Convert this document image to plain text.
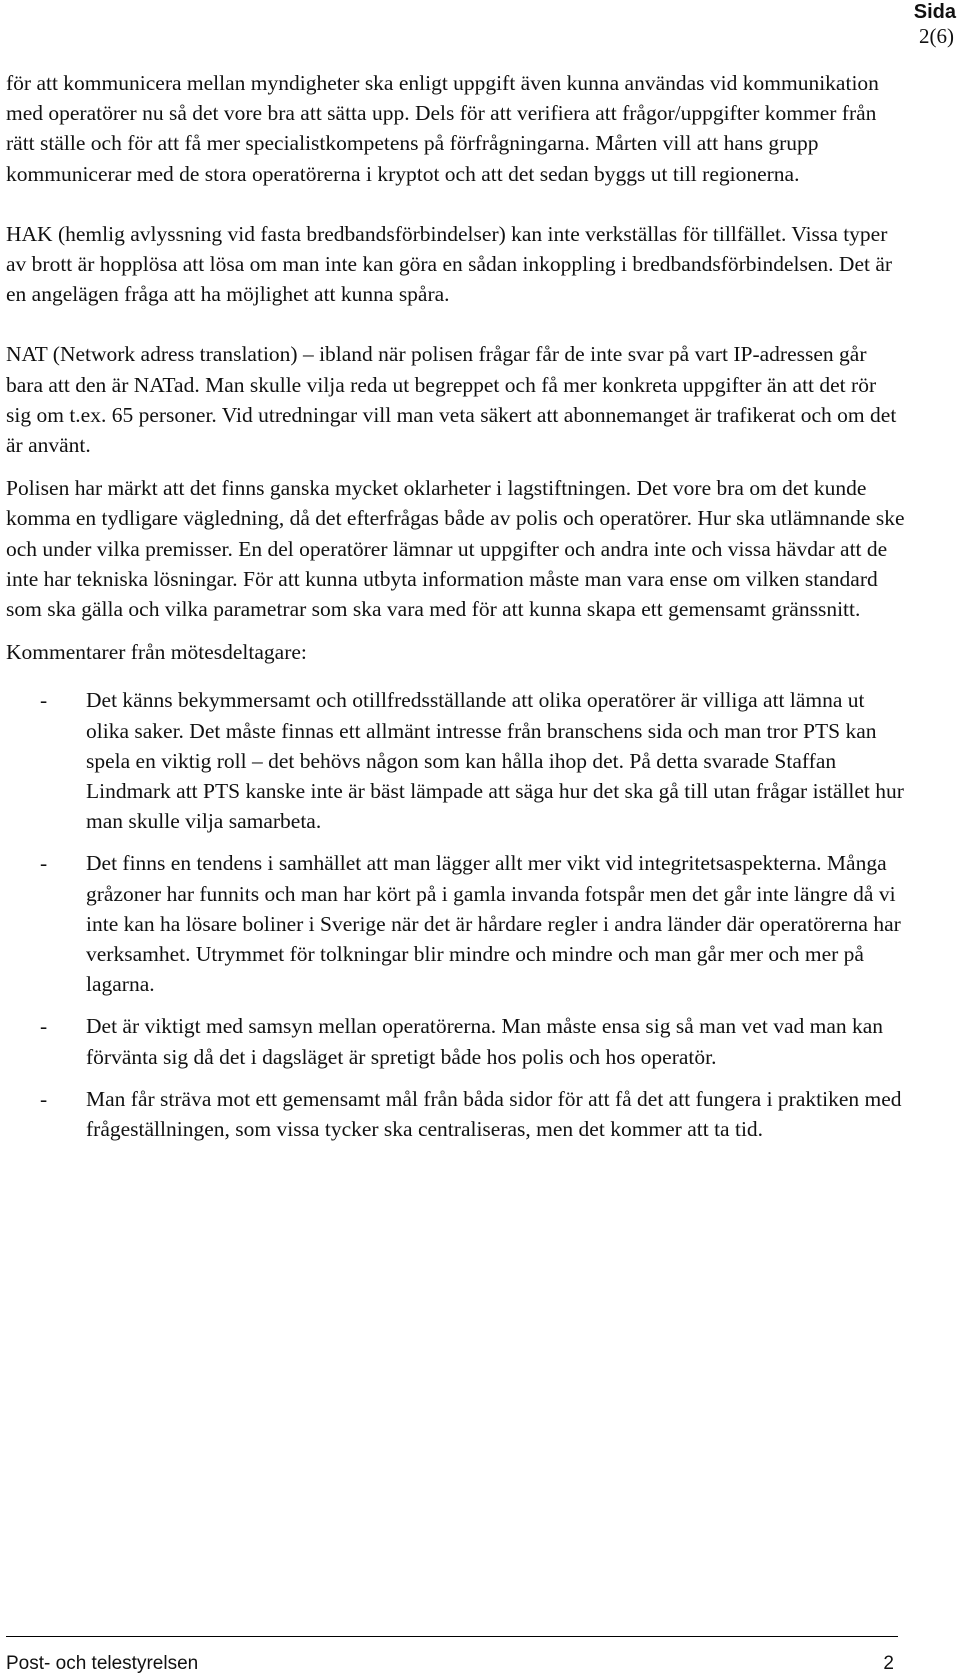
Sida
2(6)

för att kommunicera mellan myndigheter ska enligt uppgift även kunna användas vid kommunikation med operatörer nu så det vore bra att sätta upp. Dels för att verifiera att frågor/uppgifter kommer från rätt ställe och för att få mer specialistkompetens på förfrågningarna. Mårten vill att hans grupp kommunicerar med de stora operatörerna i kryptot och att det sedan byggs ut till regionerna.

HAK (hemlig avlyssning vid fasta bredbandsförbindelser) kan inte verkställas för tillfället. Vissa typer av brott är hopplösa att lösa om man inte kan göra en sådan inkoppling i bredbandsförbindelsen. Det är en angelägen fråga att ha möjlighet att kunna spåra.

NAT (Network adress translation) – ibland när polisen frågar får de inte svar på vart IP-adressen går bara att den är NATad. Man skulle vilja reda ut begreppet och få mer konkreta uppgifter än att det rör sig om t.ex. 65 personer. Vid utredningar vill man veta säkert att abonnemanget är trafikerat och om det är använt.

Polisen har märkt att det finns ganska mycket oklarheter i lagstiftningen. Det vore bra om det kunde komma en tydligare vägledning, då det efterfrågas både av polis och operatörer. Hur ska utlämnande ske och under vilka premisser. En del operatörer lämnar ut uppgifter och andra inte och vissa hävdar att de inte har tekniska lösningar. För att kunna utbyta information måste man vara ense om vilken standard som ska gälla och vilka parametrar som ska vara med för att kunna skapa ett gemensamt gränssnitt.

Kommentarer från mötesdeltagare:

-	Det känns bekymmersamt och otillfredsställande att olika operatörer är villiga att lämna ut olika saker. Det måste finnas ett allmänt intresse från branschens sida och man tror PTS kan spela en viktig roll – det behövs någon som kan hålla ihop det. På detta svarade Staffan Lindmark att PTS kanske inte är bäst lämpade att säga hur det ska gå till utan frågar istället hur man skulle vilja samarbeta.
-	Det finns en tendens i samhället att man lägger allt mer vikt vid integritetsaspekterna. Många gråzoner har funnits och man har kört på i gamla invanda fotspår men det går inte längre då vi inte kan ha lösare boliner i Sverige när det är hårdare regler i andra länder där operatörerna har verksamhet. Utrymmet för tolkningar blir mindre och mindre och man går mer och mer på lagarna.
-	Det är viktigt med samsyn mellan operatörerna. Man måste ensa sig så man vet vad man kan förvänta sig då det i dagsläget är spretigt både hos polis och hos operatör.
-	Man får sträva mot ett gemensamt mål från båda sidor för att få det att fungera i praktiken med frågeställningen, som vissa tycker ska centraliseras, men det kommer att ta tid.
Post- och telestyrelsen	2
